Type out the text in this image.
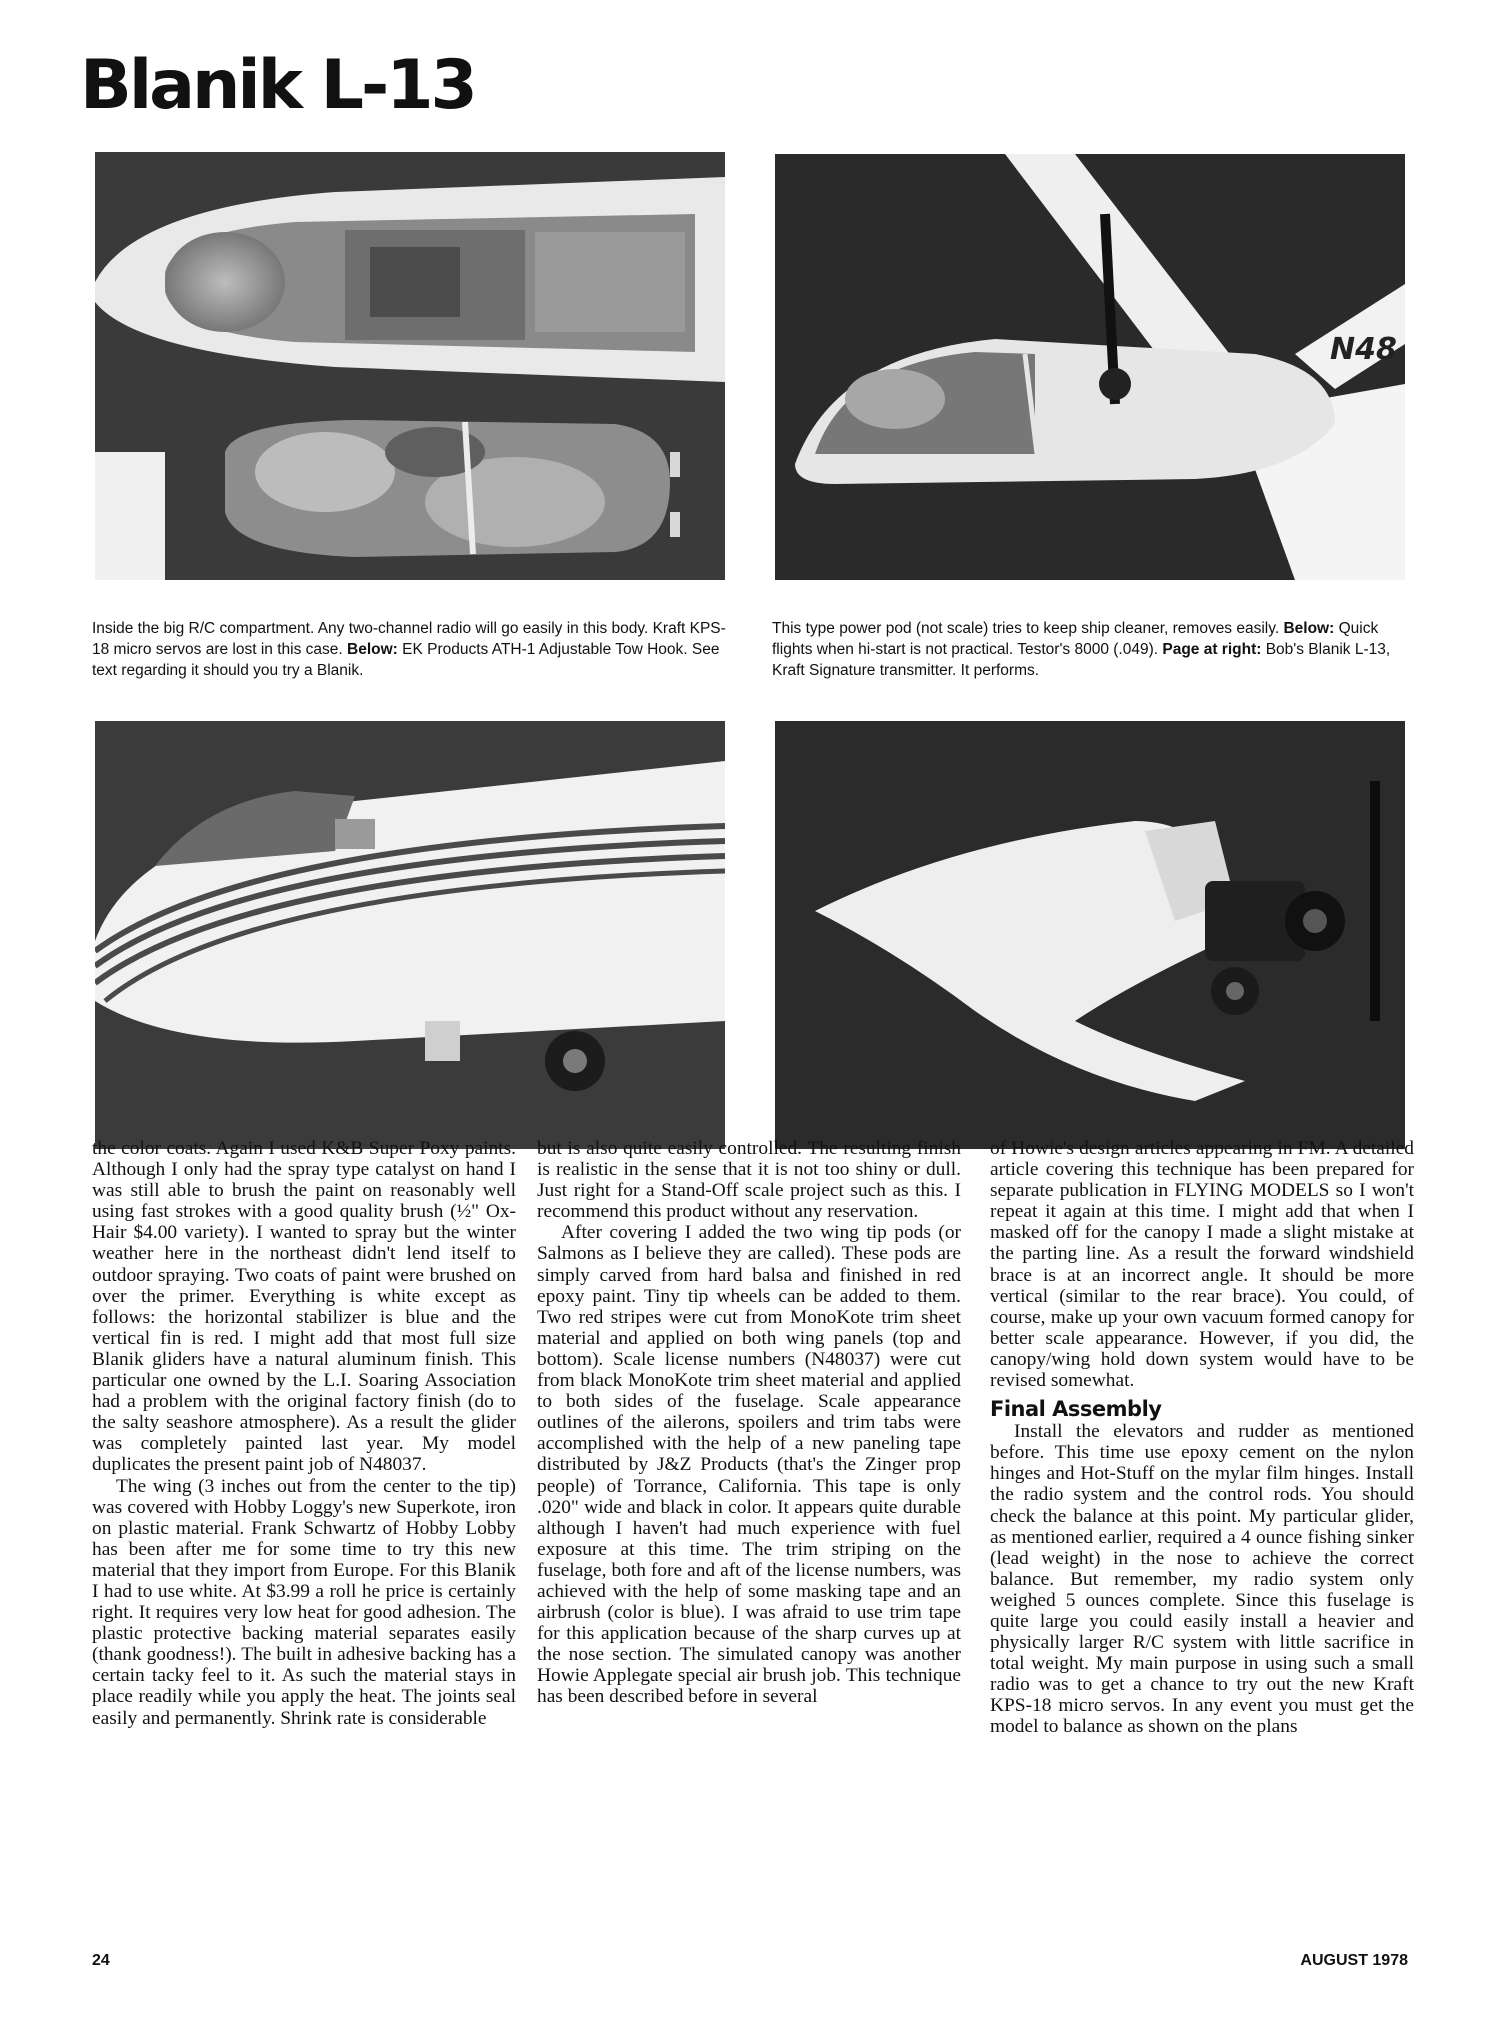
Blanik L-13
N48

Inside the big R/C compartment. Any two-channel radio will go easily in this body. Kraft KPS-18 micro servos are lost in this case. Below: EK Products ATH-1 Adjustable Tow Hook. See text regarding it should you try a Blanik.

This type power pod (not scale) tries to keep ship cleaner, removes easily. Below: Quick flights when hi-start is not practical. Testor's 8000 (.049). Page at right: Bob's Blanik L-13, Kraft Signature transmitter. It performs.

the color coats. Again I used K&B Super Poxy paints. Although I only had the spray type catalyst on hand I was still able to brush the paint on reasonably well using fast strokes with a good quality brush (½" Ox-Hair $4.00 variety). I wanted to spray but the winter weather here in the northeast didn't lend itself to outdoor spraying. Two coats of paint were brushed on over the primer. Everything is white except as follows: the horizontal stabilizer is blue and the vertical fin is red. I might add that most full size Blanik gliders have a natural aluminum finish. This particular one owned by the L.I. Soaring Association had a problem with the original factory finish (do to the salty seashore atmosphere). As a result the glider was completely painted last year. My model duplicates the present paint job of N48037.

The wing (3 inches out from the center to the tip) was covered with Hobby Loggy's new Superkote, iron on plastic material. Frank Schwartz of Hobby Lobby has been after me for some time to try this new material that they import from Europe. For this Blanik I had to use white. At $3.99 a roll he price is certainly right. It requires very low heat for good adhesion. The plastic protective backing material separates easily (thank goodness!). The built in adhesive backing has a certain tacky feel to it. As such the material stays in place readily while you apply the heat. The joints seal easily and permanently. Shrink rate is considerable

but is also quite easily controlled. The resulting finish is realistic in the sense that it is not too shiny or dull. Just right for a Stand-Off scale project such as this. I recommend this product without any reservation.

After covering I added the two wing tip pods (or Salmons as I believe they are called). These pods are simply carved from hard balsa and finished in red epoxy paint. Tiny tip wheels can be added to them. Two red stripes were cut from MonoKote trim sheet material and applied on both wing panels (top and bottom). Scale license numbers (N48037) were cut from black MonoKote trim sheet material and applied to both sides of the fuselage. Scale appearance outlines of the ailerons, spoilers and trim tabs were accomplished with the help of a new paneling tape distributed by J&Z Products (that's the Zinger prop people) of Torrance, California. This tape is only .020" wide and black in color. It appears quite durable although I haven't had much experience with fuel exposure at this time. The trim striping on the fuselage, both fore and aft of the license numbers, was achieved with the help of some masking tape and an airbrush (color is blue). I was afraid to use trim tape for this application because of the sharp curves up at the nose section. The simulated canopy was another Howie Applegate special air brush job. This technique has been described before in several

of Howie's design articles appearing in FM. A detailed article covering this technique has been prepared for separate publication in FLYING MODELS so I won't repeat it again at this time. I might add that when I masked off for the canopy I made a slight mistake at the parting line. As a result the forward windshield brace is at an incorrect angle. It should be more vertical (similar to the rear brace). You could, of course, make up your own vacuum formed canopy for better scale appearance. However, if you did, the canopy/wing hold down system would have to be revised somewhat.

Final Assembly

Install the elevators and rudder as mentioned before. This time use epoxy cement on the nylon hinges and Hot-Stuff on the mylar film hinges. Install the radio system and the control rods. You should check the balance at this point. My particular glider, as mentioned earlier, required a 4 ounce fishing sinker (lead weight) in the nose to achieve the correct balance. But remember, my radio system only weighed 5 ounces complete. Since this fuselage is quite large you could easily install a heavier and physically larger R/C system with little sacrifice in total weight. My main purpose in using such a small radio was to get a chance to try out the new Kraft KPS-18 micro servos. In any event you must get the model to balance as shown on the plans

24	AUGUST 1978
